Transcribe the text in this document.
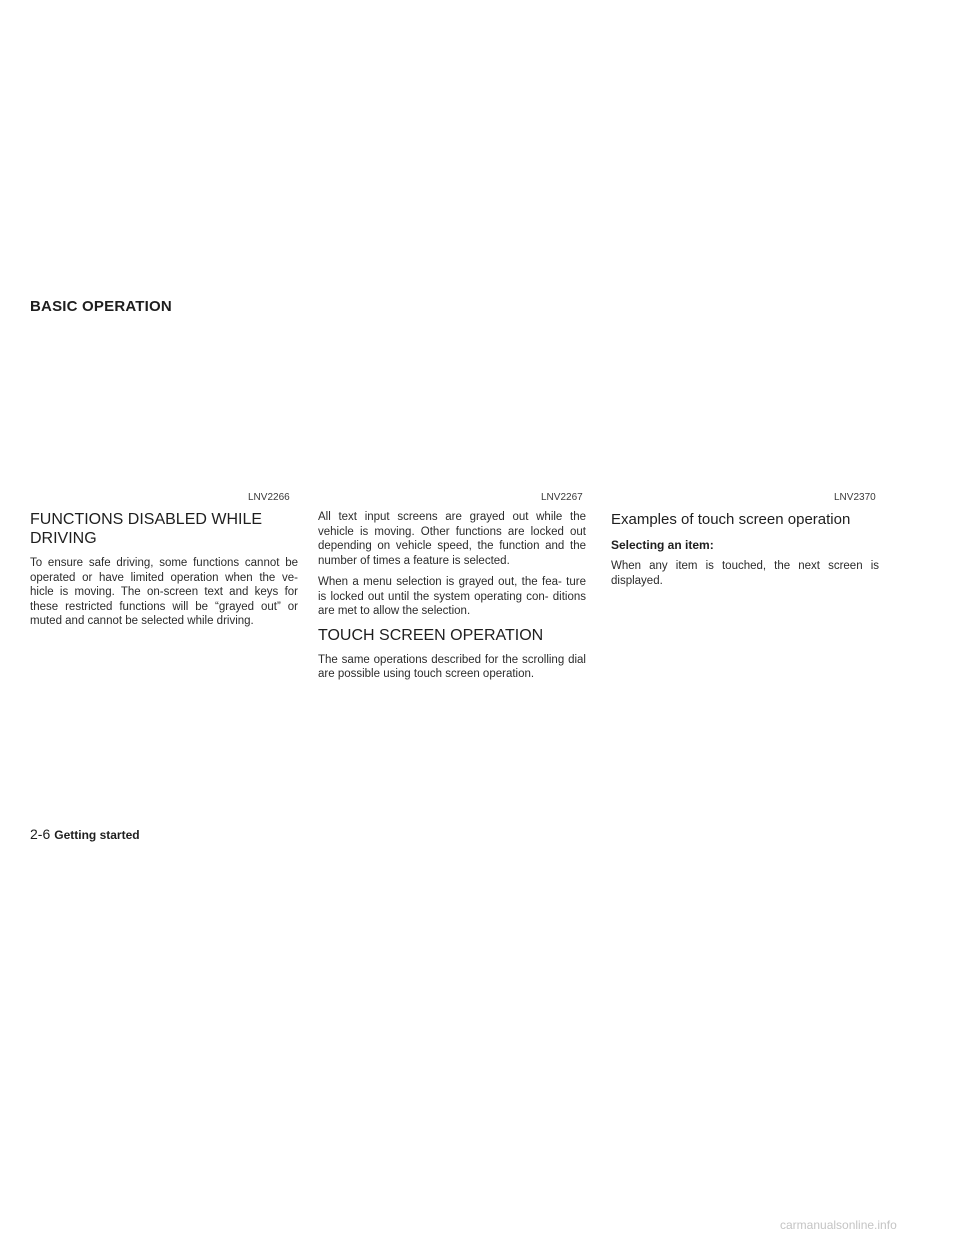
BASIC OPERATION
LNV2266	LNV2267	LNV2370
FUNCTIONS DISABLED WHILE DRIVING

To ensure safe driving, some functions cannot be operated or have limited operation when the ve- hicle is moving. The on-screen text and keys for these restricted functions will be “grayed out” or muted and cannot be selected while driving.

All text input screens are grayed out while the vehicle is moving. Other functions are locked out depending on vehicle speed, the function and the number of times a feature is selected.

When a menu selection is grayed out, the fea- ture is locked out until the system operating con- ditions are met to allow the selection.

TOUCH SCREEN OPERATION

The same operations described for the scrolling dial are possible using touch screen operation.

Examples of touch screen operation
Selecting an item:

When any item is touched, the next screen is displayed.

2-6 Getting started
carmanualsonline.info
